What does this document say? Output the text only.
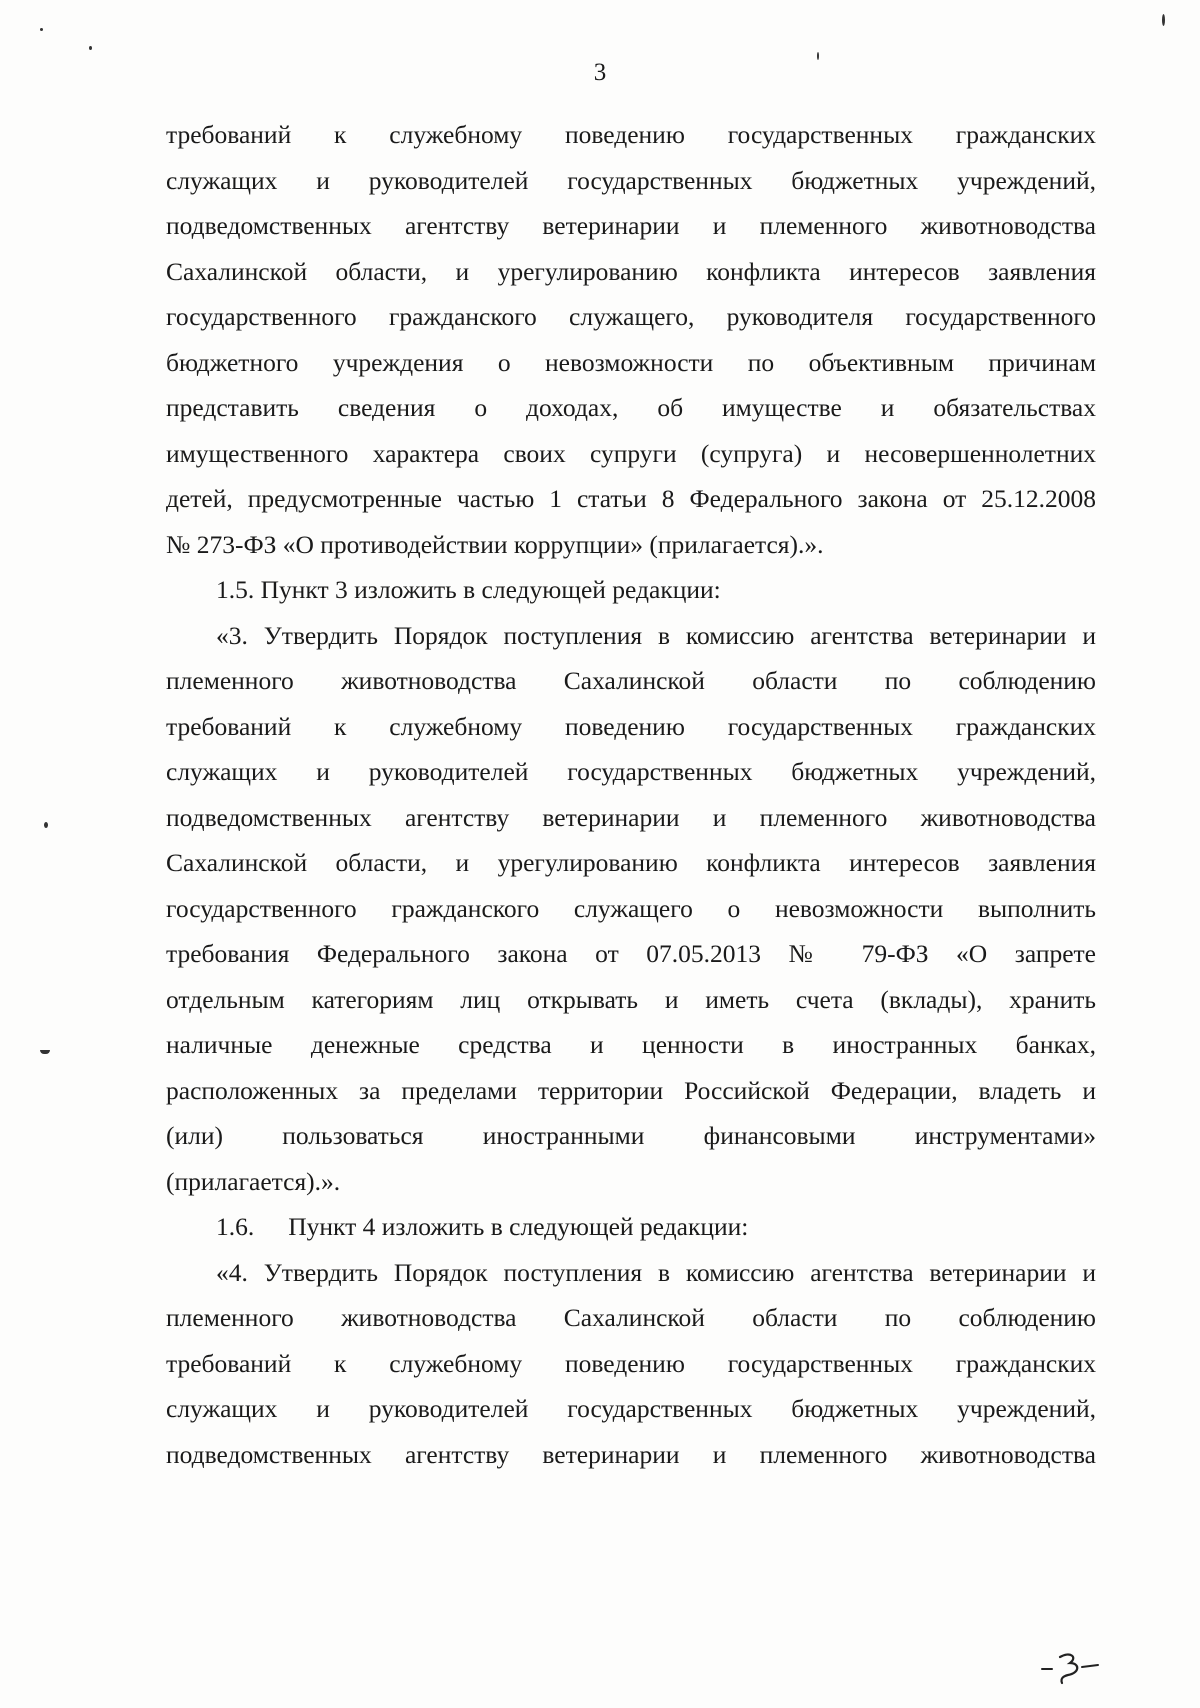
3
требований к служебному поведению государственных гражданских
служащих и руководителей государственных бюджетных учреждений,
подведомственных агентству ветеринарии и племенного животноводства
Сахалинской области, и урегулированию конфликта интересов заявления
государственного гражданского служащего, руководителя государственного
бюджетного учреждения о невозможности по объективным причинам
представить сведения о доходах, об имуществе и обязательствах
имущественного характера своих супруги (супруга) и несовершеннолетних
детей, предусмотренные частью 1 статьи 8 Федерального закона от 25.12.2008
№ 273-ФЗ «О противодействии коррупции» (прилагается).».
1.5. Пункт 3 изложить в следующей редакции:
«3. Утвердить Порядок поступления в комиссию агентства ветеринарии и
племенного животноводства Сахалинской области по соблюдению
требований к служебному поведению государственных гражданских
служащих и руководителей государственных бюджетных учреждений,
подведомственных агентству ветеринарии и племенного животноводства
Сахалинской области, и урегулированию конфликта интересов заявления
государственного гражданского служащего о невозможности выполнить
требования Федерального закона от 07.05.2013 № 79-ФЗ «О запрете
отдельным категориям лиц открывать и иметь счета (вклады), хранить
наличные денежные средства и ценности в иностранных банках,
расположенных за пределами территории Российской Федерации, владеть и
(или) пользоваться иностранными финансовыми инструментами»
(прилагается).».
1.6. Пункт 4 изложить в следующей редакции:
«4. Утвердить Порядок поступления в комиссию агентства ветеринарии и
племенного животноводства Сахалинской области по соблюдению
требований к служебному поведению государственных гражданских
служащих и руководителей государственных бюджетных учреждений,
подведомственных агентству ветеринарии и племенного животноводства
